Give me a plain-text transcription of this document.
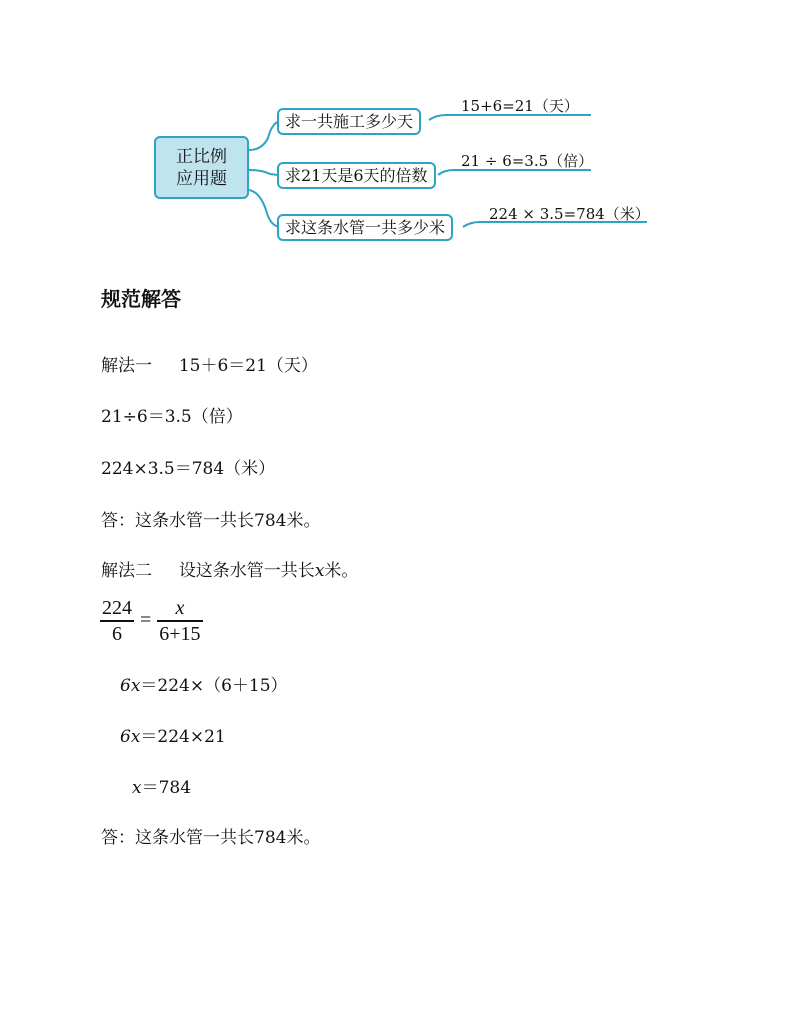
正比例
应用题
求一共施工多少天
15+6=21（天）
求21天是6天的倍数
21 ÷ 6=3.5（倍）
求这条水管一共多少米
224 × 3.5=784（米）
规范解答
解法一 15＋6＝21（天）
21÷6＝3.5（倍）
224×3.5＝784（米）
答：这条水管一共长784米。
解法二 设这条水管一共长x米。
$\frac{224}{6} = \frac{x}{6+15}$
6x＝224×（6＋15）
6x＝224×21
x＝784
答：这条水管一共长784米。
